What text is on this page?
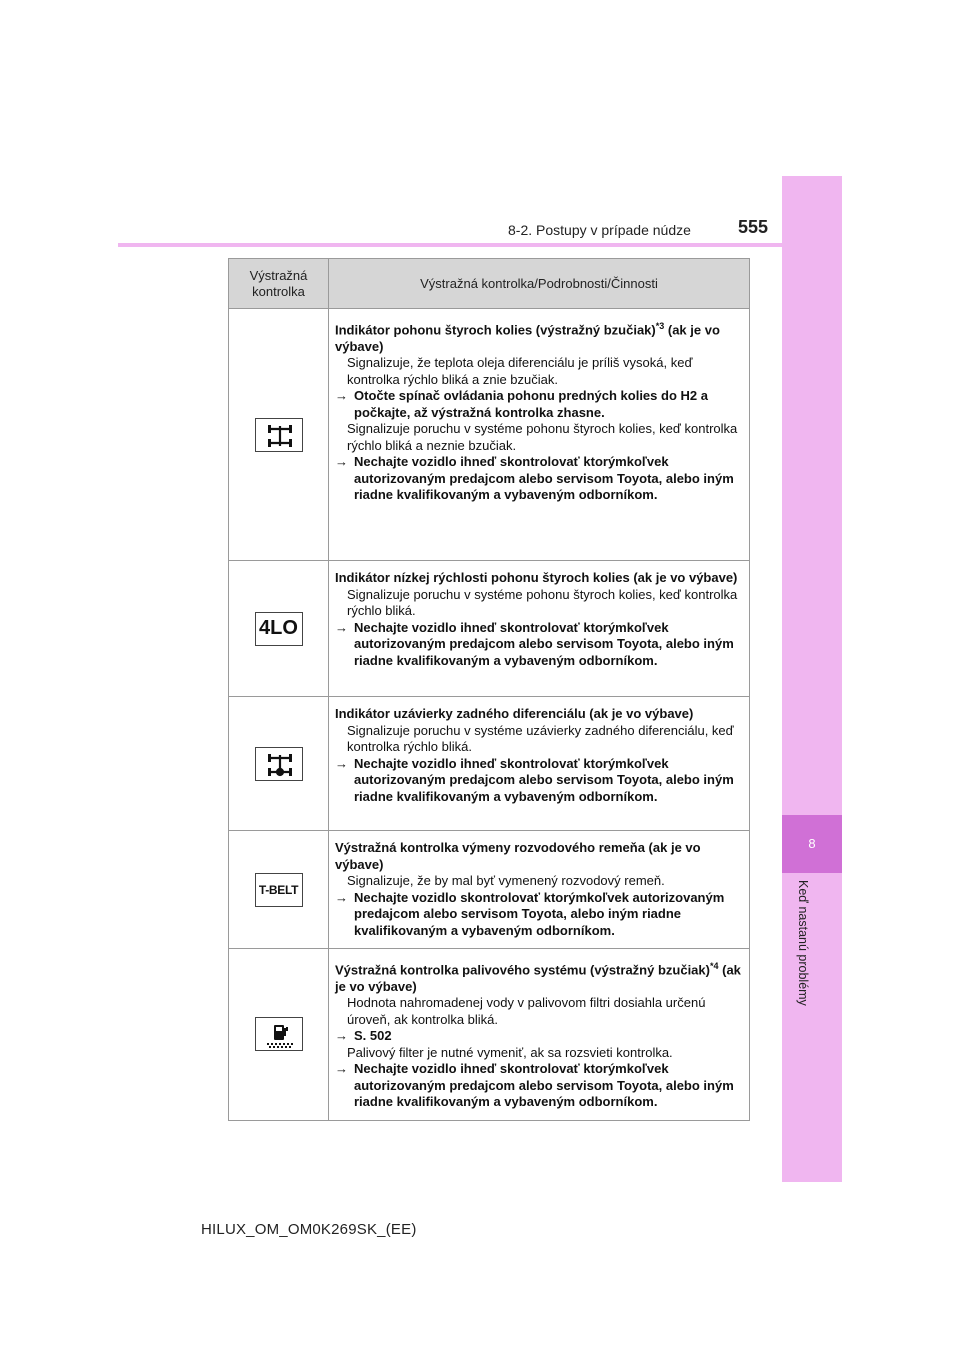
8
Keď nastanú problémy
8-2. Postupy v prípade núdze	555
Výstražná kontrolka	Výstražná kontrolka/Podrobnosti/Činnosti

Indikátor pohonu štyroch kolies (výstražný bzučiak)$^{*3}$ (ak je vo výbave)
Signalizuje, že teplota oleja diferenciálu je príliš vysoká, keď kontrolka rýchlo bliká a znie bzučiak.
→ Otočte spínač ovládania pohonu predných kolies do H2 a počkajte, až výstražná kontrolka zhasne.
Signalizuje poruchu v systéme pohonu štyroch kolies, keď kontrolka rýchlo bliká a neznie bzučiak.
→ Nechajte vozidlo ihneď skontrolovať ktorýmkoľvek autorizovaným predajcom alebo servisom Toyota, alebo iným riadne kvalifikovaným a vybaveným odborníkom.

4LO	Indikátor nízkej rýchlosti pohonu štyroch kolies (ak je vo výbave)
Signalizuje poruchu v systéme pohonu štyroch kolies, keď kontrolka rýchlo bliká.
→ Nechajte vozidlo ihneď skontrolovať ktorýmkoľvek autorizovaným predajcom alebo servisom Toyota, alebo iným riadne kvalifikovaným a vybaveným odborníkom.

Indikátor uzávierky zadného diferenciálu (ak je vo výbave)
Signalizuje poruchu v systéme uzávierky zadného diferenciálu, keď kontrolka rýchlo bliká.
→ Nechajte vozidlo ihneď skontrolovať ktorýmkoľvek autorizovaným predajcom alebo servisom Toyota, alebo iným riadne kvalifikovaným a vybaveným odborníkom.

T-BELT	Výstražná kontrolka výmeny rozvodového remeňa (ak je vo výbave)
Signalizuje, že by mal byť vymenený rozvodový remeň.
→ Nechajte vozidlo skontrolovať ktorýmkoľvek autorizovaným predajcom alebo servisom Toyota, alebo iným riadne kvalifikovaným a vybaveným odborníkom.

Výstražná kontrolka palivového systému (výstražný bzučiak)$^{*4}$ (ak je vo výbave)
Hodnota nahromadenej vody v palivovom filtri dosiahla určenú úroveň, ak kontrolka bliká.
→ S. 502
Palivový filter je nutné vymeniť, ak sa rozsvieti kontrolka.
→ Nechajte vozidlo ihneď skontrolovať ktorýmkoľvek autorizovaným predajcom alebo servisom Toyota, alebo iným riadne kvalifikovaným a vybaveným odborníkom.
HILUX_OM_OM0K269SK_(EE)
